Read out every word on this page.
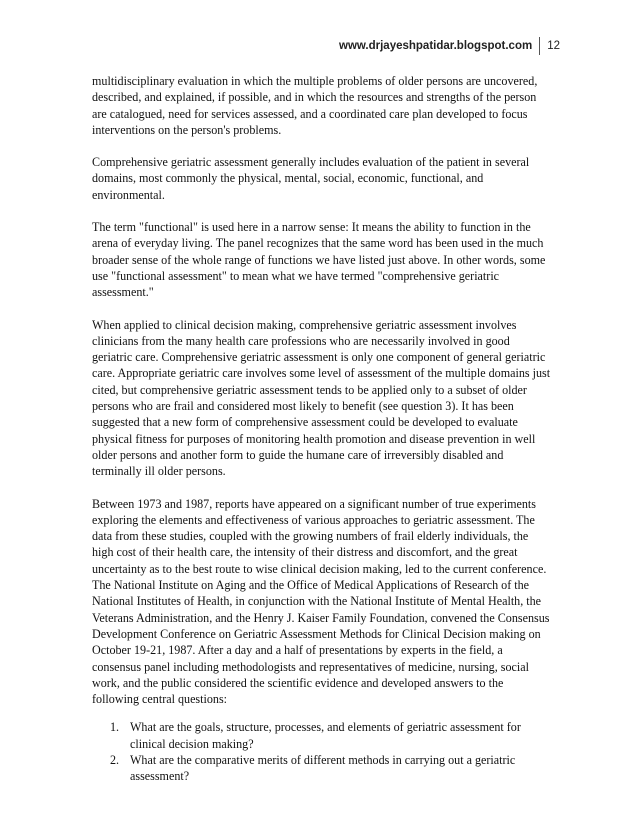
www.drjayeshpatidar.blogspot.com	12

multidisciplinary evaluation in which the multiple problems of older persons are uncovered, described, and explained, if possible, and in which the resources and strengths of the person are catalogued, need for services assessed, and a coordinated care plan developed to focus interventions on the person's problems.

Comprehensive geriatric assessment generally includes evaluation of the patient in several domains, most commonly the physical, mental, social, economic, functional, and environmental.

The term "functional" is used here in a narrow sense: It means the ability to function in the arena of everyday living. The panel recognizes that the same word has been used in the much broader sense of the whole range of functions we have listed just above. In other words, some use "functional assessment" to mean what we have termed "comprehensive geriatric assessment."

When applied to clinical decision making, comprehensive geriatric assessment involves clinicians from the many health care professions who are necessarily involved in good geriatric care. Comprehensive geriatric assessment is only one component of general geriatric care. Appropriate geriatric care involves some level of assessment of the multiple domains just cited, but comprehensive geriatric assessment tends to be applied only to a subset of older persons who are frail and considered most likely to benefit (see question 3). It has been suggested that a new form of comprehensive assessment could be developed to evaluate physical fitness for purposes of monitoring health promotion and disease prevention in well older persons and another form to guide the humane care of irreversibly disabled and terminally ill older persons.

Between 1973 and 1987, reports have appeared on a significant number of true experiments exploring the elements and effectiveness of various approaches to geriatric assessment. The data from these studies, coupled with the growing numbers of frail elderly individuals, the high cost of their health care, the intensity of their distress and discomfort, and the great uncertainty as to the best route to wise clinical decision making, led to the current conference. The National Institute on Aging and the Office of Medical Applications of Research of the National Institutes of Health, in conjunction with the National Institute of Mental Health, the Veterans Administration, and the Henry J. Kaiser Family Foundation, convened the Consensus Development Conference on Geriatric Assessment Methods for Clinical Decision making on October 19-21, 1987. After a day and a half of presentations by experts in the field, a consensus panel including methodologists and representatives of medicine, nursing, social work, and the public considered the scientific evidence and developed answers to the following central questions:

1. What are the goals, structure, processes, and elements of geriatric assessment for clinical decision making?
2. What are the comparative merits of different methods in carrying out a geriatric assessment?
